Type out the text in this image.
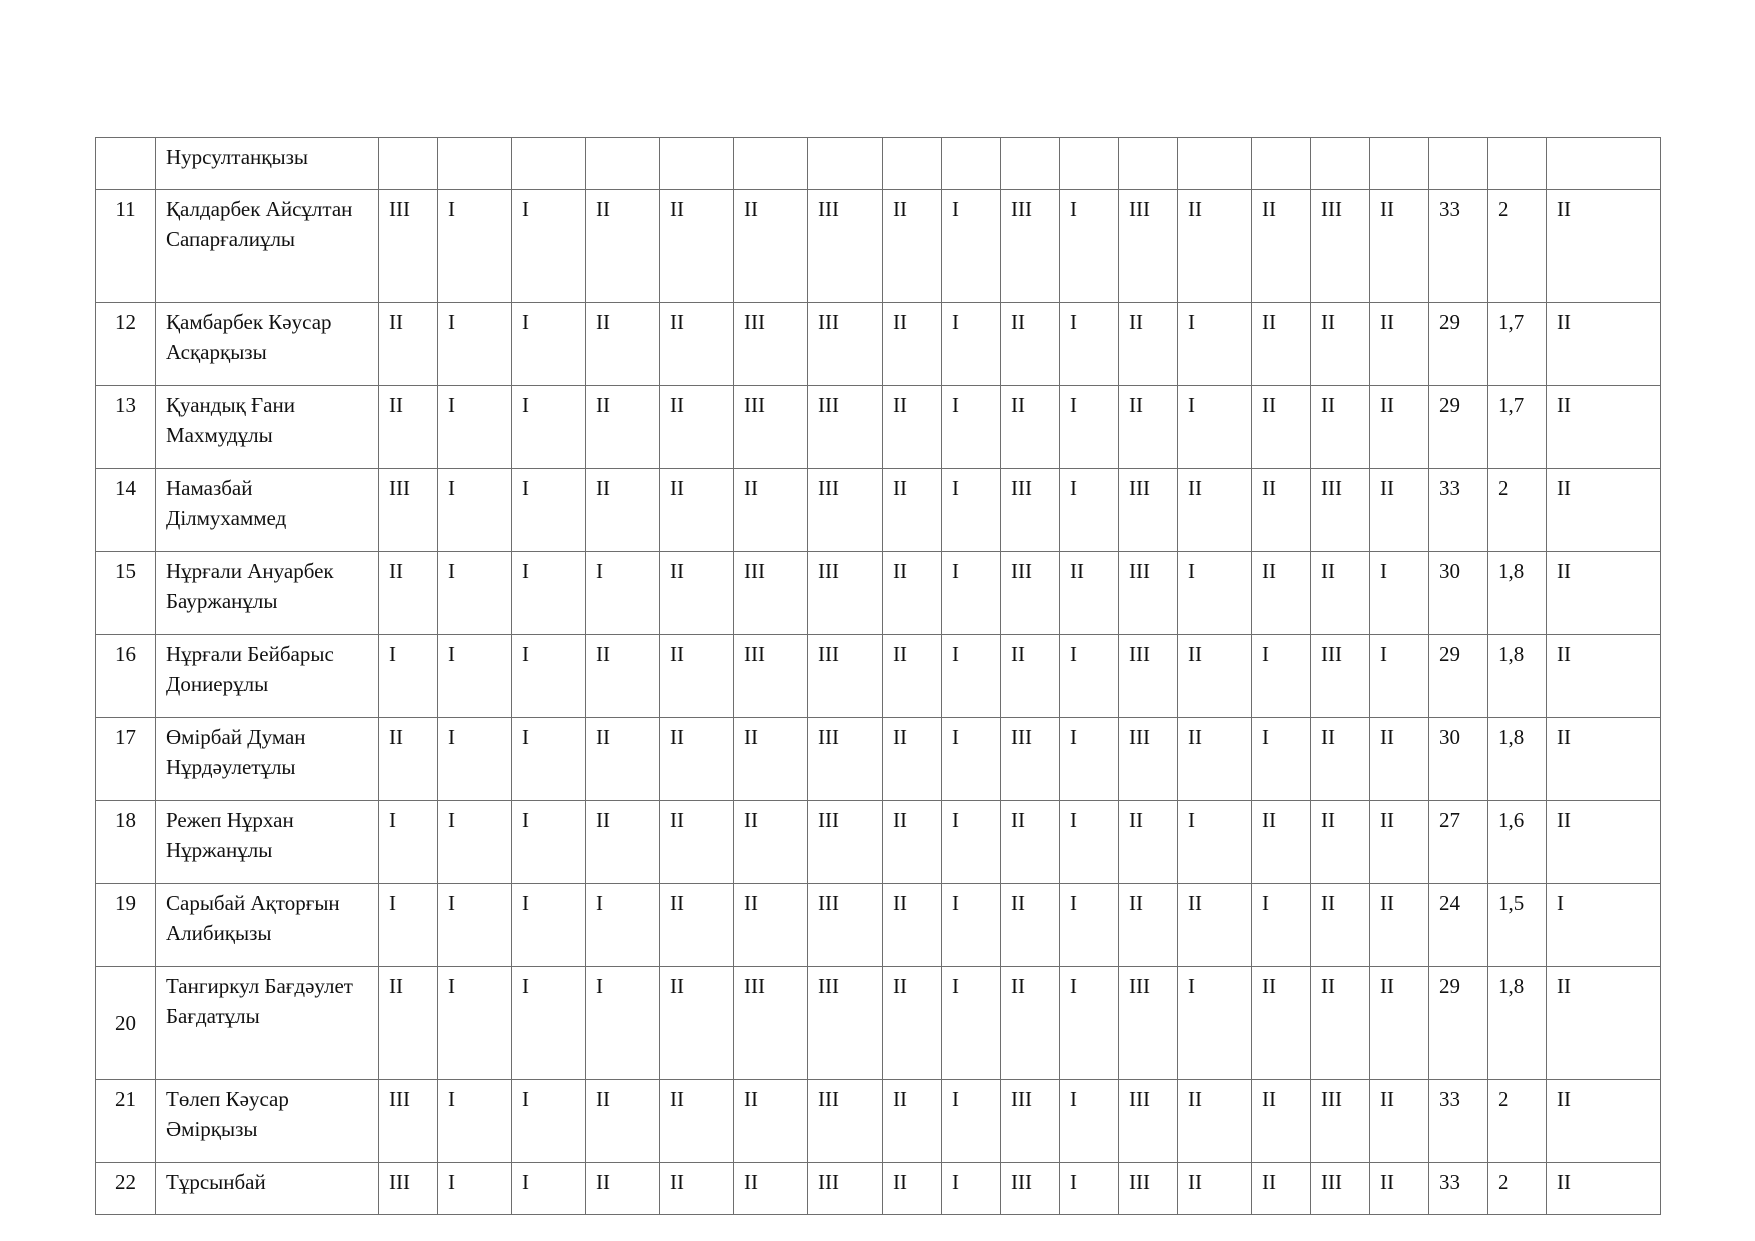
	Нурсултанқызы																			
11	Қалдарбек Айсұлтан Сапарғалиұлы	III	I	I	II	II	II	III	II	I	III	I	III	II	II	III	II	33	2	II
12	Қамбарбек Кәусар Асқарқызы	II	I	I	II	II	III	III	II	I	II	I	II	I	II	II	II	29	1,7	II
13	Қуандық Ғани Махмудұлы	II	I	I	II	II	III	III	II	I	II	I	II	I	II	II	II	29	1,7	II
14	Намазбай Ділмухаммед	III	I	I	II	II	II	III	II	I	III	I	III	II	II	III	II	33	2	II
15	Нұрғали Ануарбек Бауржанұлы	II	I	I	I	II	III	III	II	I	III	II	III	I	II	II	I	30	1,8	II
16	Нұрғали Бейбарыс Дониерұлы	I	I	I	II	II	III	III	II	I	II	I	III	II	I	III	I	29	1,8	II
17	Өмірбай Думан Нұрдәулетұлы	II	I	I	II	II	II	III	II	I	III	I	III	II	I	II	II	30	1,8	II
18	Режеп Нұрхан Нұржанұлы	I	I	I	II	II	II	III	II	I	II	I	II	I	II	II	II	27	1,6	II
19	Сарыбай Ақторғын Алибиқызы	I	I	I	I	II	II	III	II	I	II	I	II	II	I	II	II	24	1,5	I
20	Тангиркул Бағдәулет Бағдатұлы	II	I	I	I	II	III	III	II	I	II	I	III	I	II	II	II	29	1,8	II
21	Төлеп Кәусар Әмірқызы	III	I	I	II	II	II	III	II	I	III	I	III	II	II	III	II	33	2	II
22	Тұрсынбай	III	I	I	II	II	II	III	II	I	III	I	III	II	II	III	II	33	2	II
